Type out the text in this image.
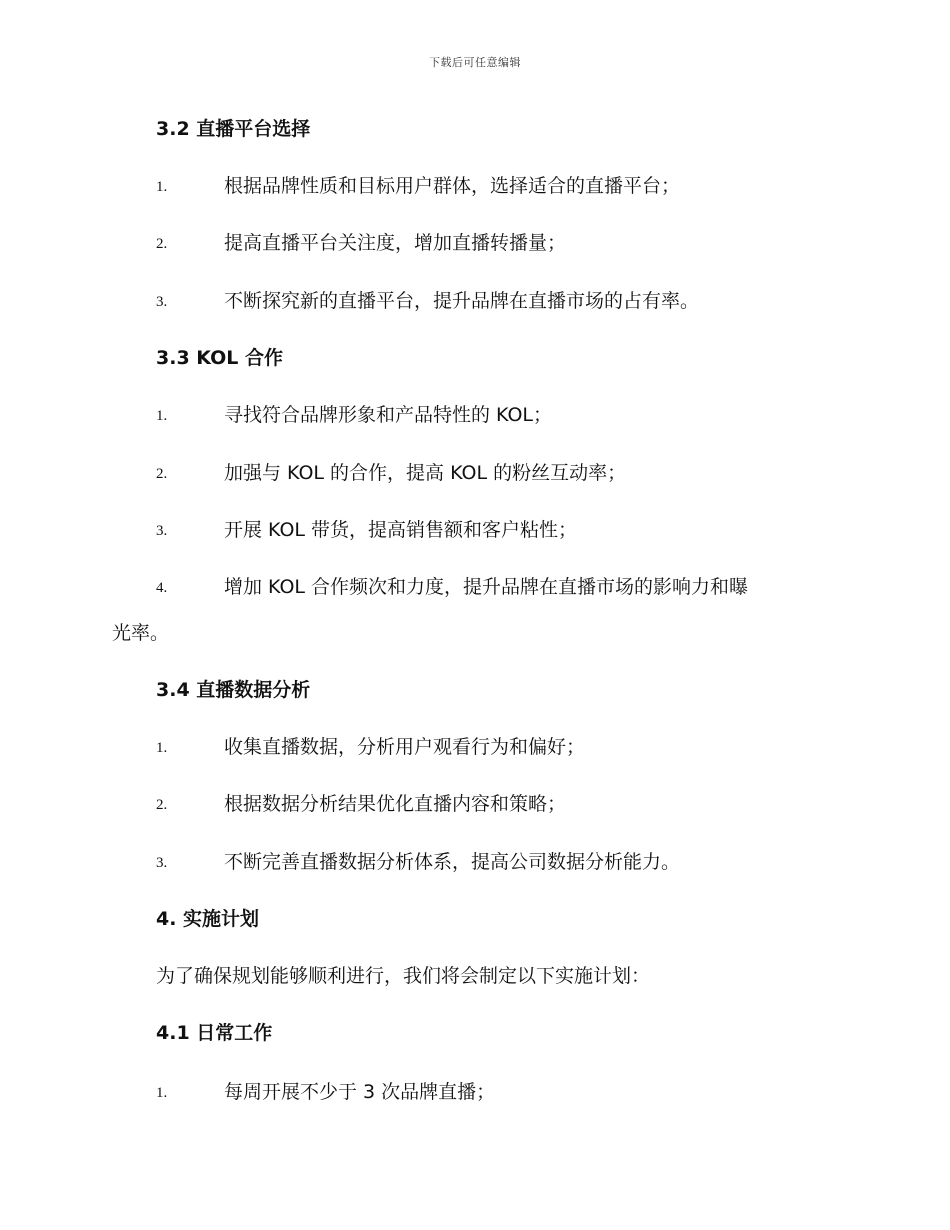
下载后可任意编辑
3.2 直播平台选择
1.	根据品牌性质和目标用户群体，选择适合的直播平台；
2.	提高直播平台关注度，增加直播转播量；
3.	不断探究新的直播平台，提升品牌在直播市场的占有率。
3.3 KOL 合作
1.	寻找符合品牌形象和产品特性的 KOL；
2.	加强与 KOL 的合作，提高 KOL 的粉丝互动率；
3.	开展 KOL 带货，提高销售额和客户粘性；
4.	增加 KOL 合作频次和力度，提升品牌在直播市场的影响力和曝
光率。
3.4 直播数据分析
1.	收集直播数据，分析用户观看行为和偏好；
2.	根据数据分析结果优化直播内容和策略；
3.	不断完善直播数据分析体系，提高公司数据分析能力。
4. 实施计划
为了确保规划能够顺利进行，我们将会制定以下实施计划：
4.1 日常工作
1.	每周开展不少于 3 次品牌直播；
